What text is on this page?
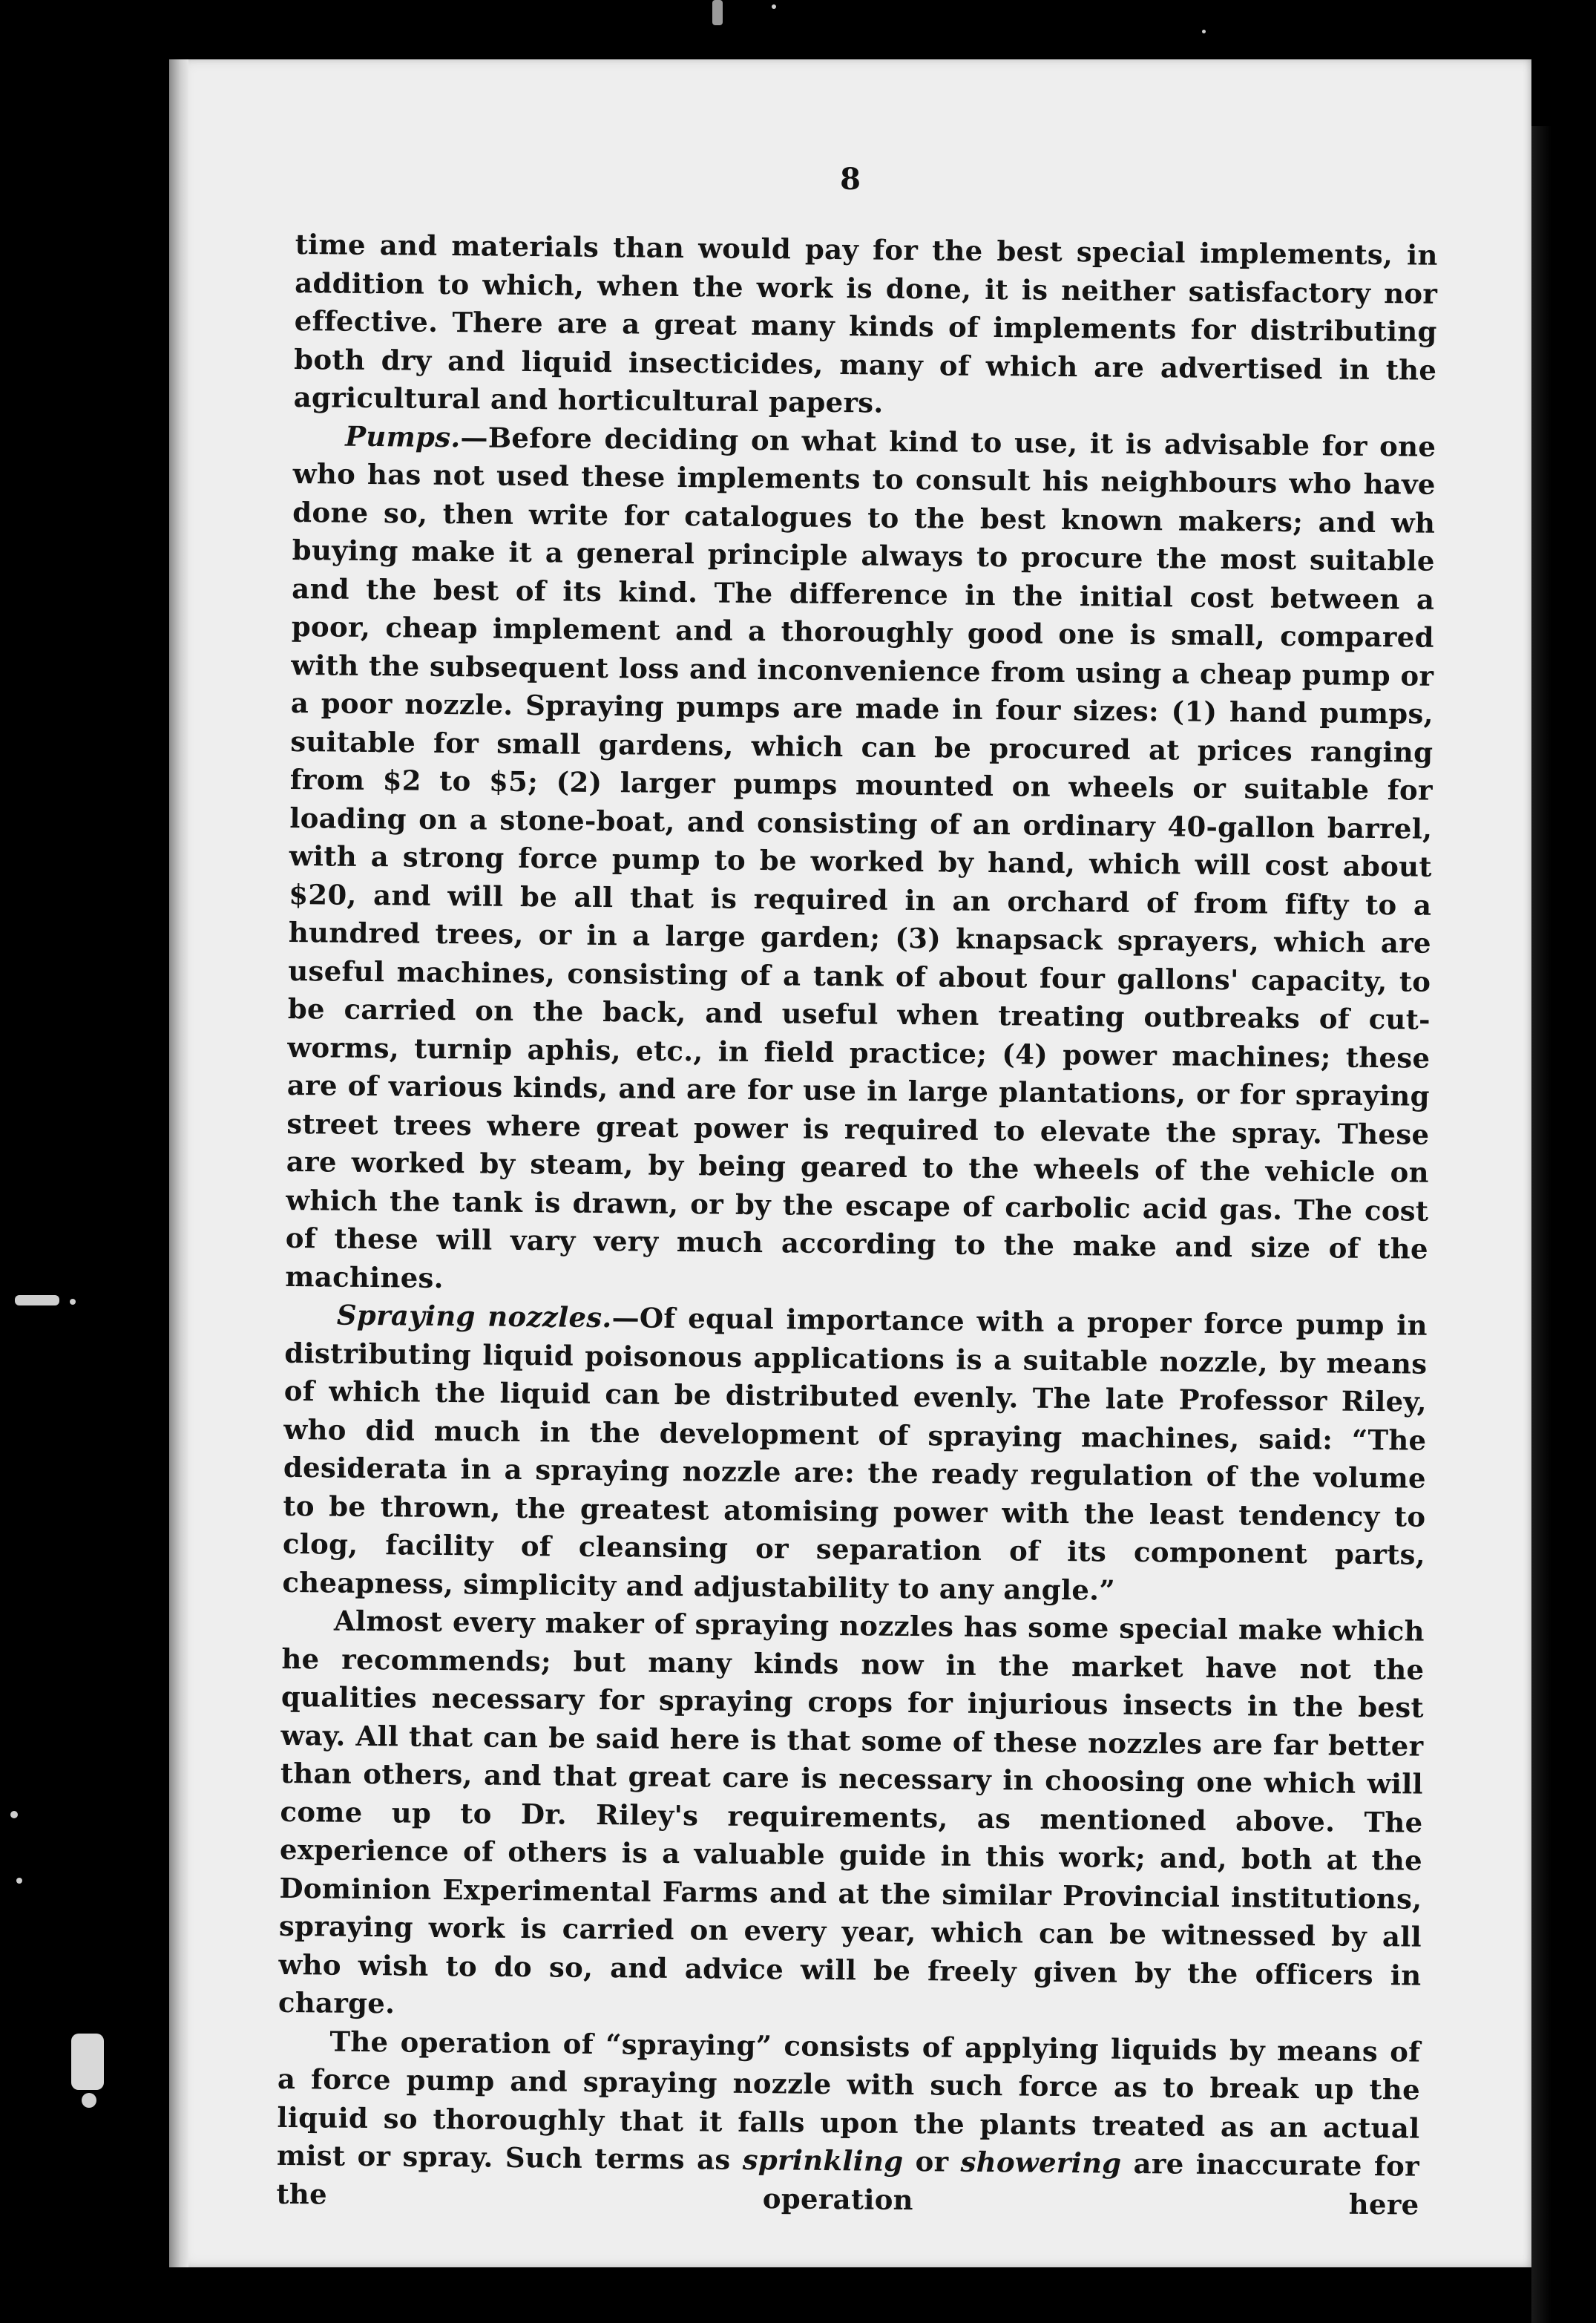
8

time and materials than would pay for the best special implements, in addition to which, when the work is done, it is neither satisfactory nor effective. There are a great many kinds of implements for distributing both dry and liquid insecticides, many of which are advertised in the agricultural and horticultural papers.

Pumps.—Before deciding on what kind to use, it is advisable for one who has not used these implements to consult his neighbours who have done so, then write for catalogues to the best known makers; and wh buying make it a general principle always to procure the most suitable and the best of its kind. The difference in the initial cost between a poor, cheap implement and a thoroughly good one is small, compared with the subsequent loss and inconvenience from using a cheap pump or a poor nozzle. Spraying pumps are made in four sizes: (1) hand pumps, suitable for small gardens, which can be procured at prices ranging from $2 to $5; (2) larger pumps mounted on wheels or suitable for loading on a stone-boat, and consisting of an ordinary 40-gallon barrel, with a strong force pump to be worked by hand, which will cost about $20, and will be all that is required in an orchard of from fifty to a hundred trees, or in a large garden; (3) knapsack sprayers, which are useful machines, consisting of a tank of about four gallons' capacity, to be carried on the back, and useful when treating outbreaks of cut-worms, turnip aphis, etc., in field practice; (4) power machines; these are of various kinds, and are for use in large plantations, or for spraying street trees where great power is required to elevate the spray. These are worked by steam, by being geared to the wheels of the vehicle on which the tank is drawn, or by the escape of carbolic acid gas. The cost of these will vary very much according to the make and size of the machines.

Spraying nozzles.—Of equal importance with a proper force pump in distributing liquid poisonous applications is a suitable nozzle, by means of which the liquid can be distributed evenly. The late Professor Riley, who did much in the development of spraying machines, said: “The desiderata in a spraying nozzle are: the ready regulation of the volume to be thrown, the greatest atomising power with the least tendency to clog, facility of cleansing or separation of its component parts, cheapness, simplicity and adjustability to any angle.”

Almost every maker of spraying nozzles has some special make which he recommends; but many kinds now in the market have not the qualities necessary for spraying crops for injurious insects in the best way. All that can be said here is that some of these nozzles are far better than others, and that great care is necessary in choosing one which will come up to Dr. Riley's requirements, as mentioned above. The experience of others is a valuable guide in this work; and, both at the Dominion Experimental Farms and at the similar Provincial institutions, spraying work is carried on every year, which can be witnessed by all who wish to do so, and advice will be freely given by the officers in charge.

The operation of “spraying” consists of applying liquids by means of a force pump and spraying nozzle with such force as to break up the liquid so thoroughly that it falls upon the plants treated as an actual mist or spray. Such terms as sprinkling or showering are inaccurate for the operation here
